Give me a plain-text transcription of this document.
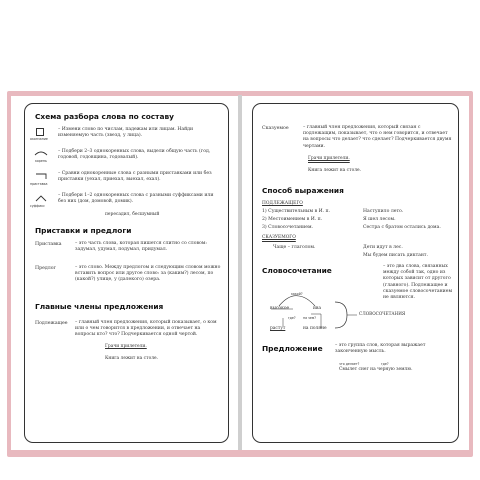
Схема разбора слова по составу
окончание
– Измени слово по числам, падежам или лицам. Найди изменяемую часть (звезд, у лица).
корень
– Подбери 2–3 однокоренных слова, выдели общую часть (год, годовой, годовщина, годовалый).
приставка
– Сравни однокоренные слова с разными приставками или без приставки (уехал, приехал, выехал, ехал).
суффикс
– Подбери 1–2 однокоренных слова с разными суффиксами или без них (дом, домовой, домик).
пересадил, бесшумный
Приставки и предлоги
Приставка	– это часть слова, которая пишется слитно со словом: задумал, удумал, подумал, придумал.
Предлог	– это слово. Между предлогом и следующим словом можно вставить вопрос или другое слово: за (каким?) лесом, по (какой?) улице, у (далекого) озера.
Главные члены предложения
Подлежащее – главный член предложения, который показывает, о ком или о чем говорится в предложении, и отвечает на вопросы кто? что? Подчеркивается одной чертой.
Грачи прилетели.
Книга лежит на столе.
Сказуемое	– главный член предложения, который связан с подлежащим, показывает, что о нем говорится, и отвечает на вопросы что делает? что сделает? Подчеркивается двумя чертами.
Грачи прилетели.
Книга лежит на столе.
Способ выражения
ПОДЛЕЖАЩЕГО
1) Существительным в И. п.	Наступило лето.
2) Местоимением в И. п.	Я шел лесом.
3) Словосочетанием.	Сестра с братом остались дома.
СКАЗУЕМОГО
Чаще – глаголом.	Дети идут в лес.
Мы будем писать диктант.
Словосочетание	– это два слова, связанных между собой так, одно из которых зависит от другого (главного). Подлежащее и сказуемое словосочетанием не являются.
какой?
высокое	ива
где? на чем?
растут	на поляне
СЛОВОСОЧЕТАНИЯ
Предложение	– это группа слов, которая выражает законченную мысль.
что делает?	где?
Смылет снег на черную землю.
